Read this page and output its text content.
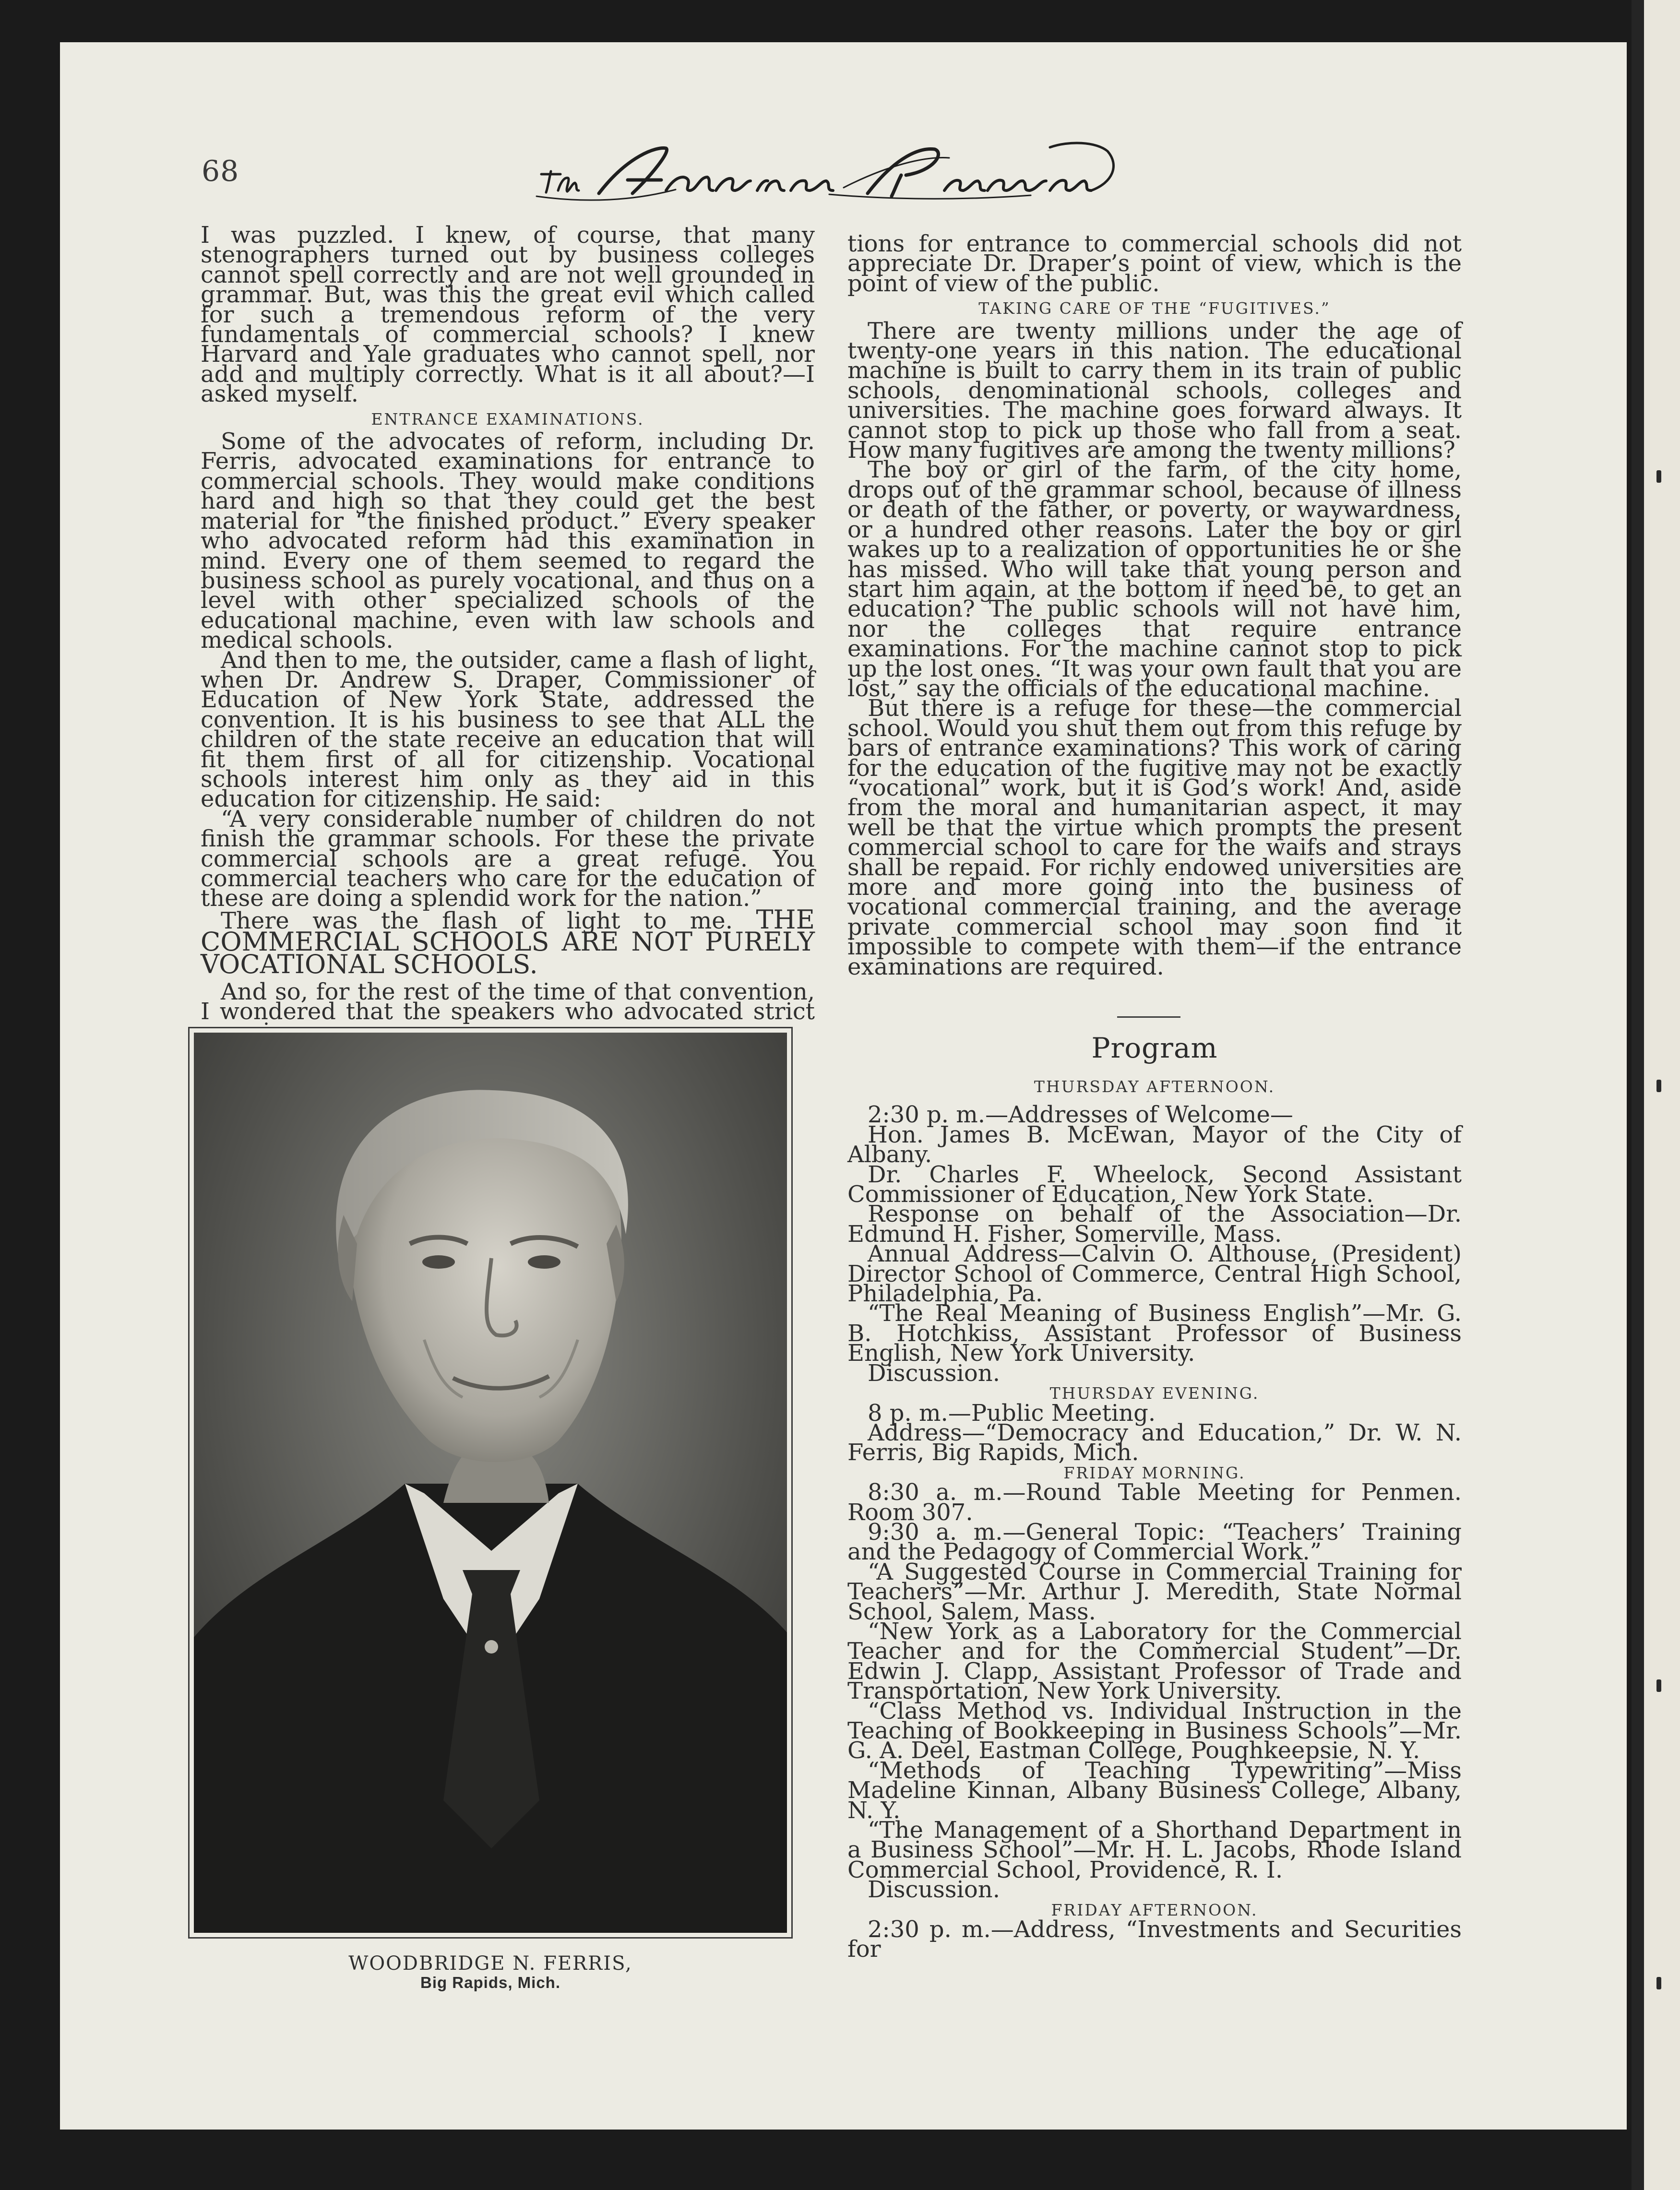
68

I was puzzled. I knew, of course, that many stenographers turned out by business colleges cannot spell correctly and are not well grounded in grammar. But, was this the great evil which called for such a tremendous reform of the very fundamentals of commercial schools? I knew Harvard and Yale graduates who cannot spell, nor add and multiply correctly. What is it all about?—I asked myself.

ENTRANCE EXAMINATIONS.

Some of the advocates of reform, including Dr. Ferris, advocated examinations for entrance to commercial schools. They would make conditions hard and high so that they could get the best material for “the finished product.” Every speaker who advocated reform had this examination in mind. Every one of them seemed to regard the business school as purely vocational, and thus on a level with other specialized schools of the educational machine, even with law schools and medical schools.

And then to me, the outsider, came a flash of light, when Dr. Andrew S. Draper, Commissioner of Education of New York State, addressed the convention. It is his business to see that ALL the children of the state receive an education that will fit them first of all for citizenship. Vocational schools interest him only as they aid in this education for citizenship. He said:

“A very considerable number of children do not finish the grammar schools. For these the private commercial schools are a great refuge. You commercial teachers who care for the education of these are doing a splendid work for the nation.”

There was the flash of light to me. THE COMMERCIAL SCHOOLS ARE NOT PURELY VOCATIONAL SCHOOLS.

And so, for the rest of the time of that convention, I wondered that the speakers who advocated strict

WOODBRIDGE N. FERRIS,
Big Rapids, Mich.

tions for entrance to commercial schools did not appreciate Dr. Draper’s point of view, which is the point of view of the public.

TAKING CARE OF THE “FUGITIVES.”

There are twenty millions under the age of twenty-one years in this nation. The educational machine is built to carry them in its train of public schools, denominational schools, colleges and universities. The machine goes forward always. It cannot stop to pick up those who fall from a seat. How many fugitives are among the twenty millions?

The boy or girl of the farm, of the city home, drops out of the grammar school, because of illness or death of the father, or poverty, or waywardness, or a hundred other reasons. Later the boy or girl wakes up to a realization of opportunities he or she has missed. Who will take that young person and start him again, at the bottom if need be, to get an education? The public schools will not have him, nor the colleges that require entrance examinations. For the machine cannot stop to pick up the lost ones. “It was your own fault that you are lost,” say the officials of the educational machine.

But there is a refuge for these—the commercial school. Would you shut them out from this refuge by bars of entrance examinations? This work of caring for the education of the fugitive may not be exactly “vocational” work, but it is God’s work! And, aside from the moral and humanitarian aspect, it may well be that the virtue which prompts the present commercial school to care for the waifs and strays shall be repaid. For richly endowed universities are more and more going into the business of vocational commercial training, and the average private commercial school may soon find it impossible to compete with them—if the entrance examinations are required.

Program
THURSDAY AFTERNOON.

2:30 p. m.—Addresses of Welcome—

Hon. James B. McEwan, Mayor of the City of Albany.

Dr. Charles F. Wheelock, Second Assistant Commissioner of Education, New York State.

Response on behalf of the Association—Dr. Edmund H. Fisher, Somerville, Mass.

Annual Address—Calvin O. Althouse, (President) Director School of Commerce, Central High School, Philadelphia, Pa.

“The Real Meaning of Business English”—Mr. G. B. Hotchkiss, Assistant Professor of Business English, New York University.

Discussion.

THURSDAY EVENING.

8 p. m.—Public Meeting.

Address—“Democracy and Education,” Dr. W. N. Ferris, Big Rapids, Mich.

FRIDAY MORNING.

8:30 a. m.—Round Table Meeting for Penmen. Room 307.

9:30 a. m.—General Topic: “Teachers’ Training and the Pedagogy of Commercial Work.”

“A Suggested Course in Commercial Training for Teachers”—Mr. Arthur J. Meredith, State Normal School, Salem, Mass.

“New York as a Laboratory for the Commercial Teacher and for the Commercial Student”—Dr. Edwin J. Clapp, Assistant Professor of Trade and Transportation, New York University.

“Class Method vs. Individual Instruction in the Teaching of Bookkeeping in Business Schools”—Mr. G. A. Deel, Eastman College, Poughkeepsie, N. Y.

“Methods of Teaching Typewriting”—Miss Madeline Kinnan, Albany Business College, Albany, N. Y.

“The Management of a Shorthand Department in a Business School”—Mr. H. L. Jacobs, Rhode Island Commercial School, Providence, R. I.

Discussion.

FRIDAY AFTERNOON.

2:30 p. m.—Address, “Investments and Securities for
